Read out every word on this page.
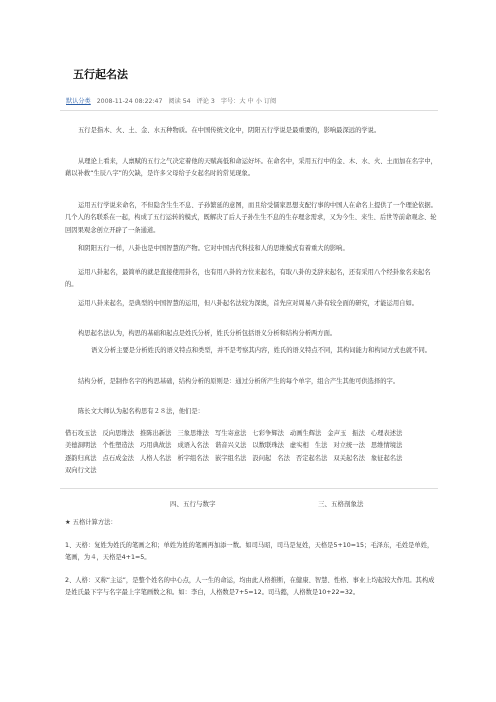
五行起名法
默认分类 2008-11-24 08:22:47 阅读 54 评论 3 字号：大 中 小 订阅

五行是指木、火、土、金、水五种物质。在中国传统文化中，阴阳五行学说是最重要的，影响最深远的学说。

从理论上看来，人禀赋的五行之气决定着他的天赋高低和命运好坏。在命名中，采用五行中的金、木、水、火、土而加在名字中，藉以补救“生辰八字”的欠缺，是许多父母给子女起名时的常见现象。

运用五行学说来命名，不但隐含生生不息、子孙繁延的意图，而且给受儒家思想支配行事的中国人在命名上提供了一个理论依据。几个人的名联系在一起，构成了五行运转的模式，既解决了后人子孙生生不息的生存理念需求，又为今生、来生、后世等前命观念、轮回因果观念创立开辟了一条通道。

和阴阳五行一样，八卦也是中国智慧的产物。它对中国古代科技和人的思维模式有着重大的影响。

运用八卦起名，最简单的就是直接使用卦名，也有用八卦的方位来起名，有取八卦的爻辞来起名，还有采用八个经卦象名来起名的。

运用八卦来起名，是典型的中国智慧的运用，但八卦起名法较为深奥，首先应对周易八卦有较全面的研究，才能运用自如。

构思起名法认为，构思的基础和起点是姓氏分析，姓氏分析包括语义分析和结构分析两方面。

语义分析主要是分析姓氏的语义特点和类型，并不是考察其内容，姓氏的语义特点不同，其构词能力和构词方式也就不同。

结构分析，是制作名字的构思基础，结构分析的原则是：通过分析所产生的每个单字，组合产生其他可供选择的字。

陈长文大师认为起名构思有２８法，他们是：

借石攻玉法 反向思维法 推陈出新法 三象思维法 写生寄意法 七彩争辉法 动画生辉法 金声玉 振法 心理表述法美德洞明法 个性塑造法 巧用典故法 成语入名法 谐音兴义法 以数联珠法 虚实相 生法 对立统一法 思维情境法逐韵归真法 点石成金法 人格人名法 析字组名法 嵌字组名法 設问起 名法 否定起名法 双关起名法 象征起名法双向行文法
四、五行与数字	三、五格剖象法

★ 五格计算方法：

1、天格：复姓为姓氏的笔画之和；单姓为姓的笔画再加添一数。如司马昭，司马是复姓，天格是5+10=15；毛泽东，毛姓是单姓，笔画，为４，天格是4+1=5。

2、人格：又称“主运”，是整个姓名的中心点，人一生的命运，均由此人格推断，在健康、智慧、性格、事业上均起较大作用。其构成是姓氏最下字与名字最上字笔画数之和。如：李白，人格数是7+5=12。司马懿，人格数是10+22=32。
